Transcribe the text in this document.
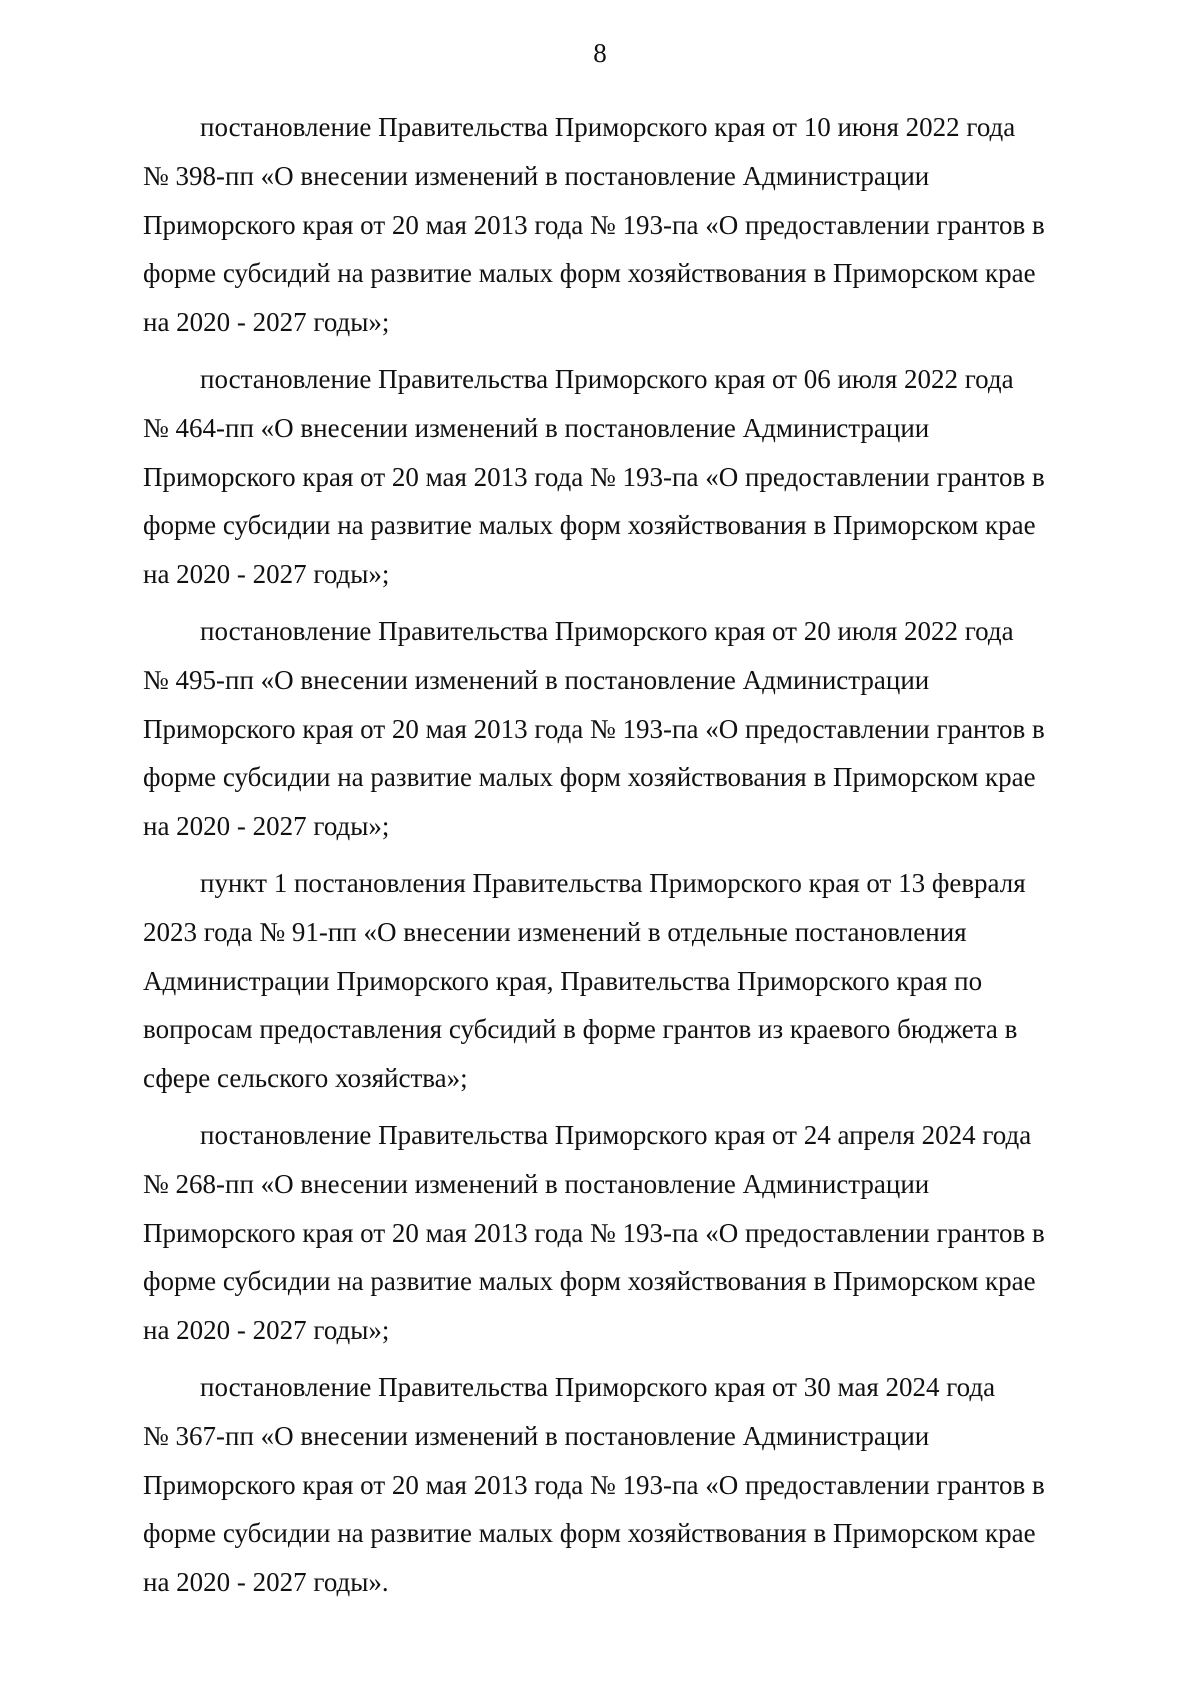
8

постановление Правительства Приморского края от 10 июня 2022 года
№ 398-пп «О внесении изменений в постановление Администрации
Приморского края от 20 мая 2013 года № 193-па «О предоставлении грантов в
форме субсидий на развитие малых форм хозяйствования в Приморском крае
на 2020 - 2027 годы»;

постановление Правительства Приморского края от 06 июля 2022 года
№ 464-пп «О внесении изменений в постановление Администрации
Приморского края от 20 мая 2013 года № 193-па «О предоставлении грантов в
форме субсидии на развитие малых форм хозяйствования в Приморском крае
на 2020 - 2027 годы»;

постановление Правительства Приморского края от 20 июля 2022 года
№ 495-пп «О внесении изменений в постановление Администрации
Приморского края от 20 мая 2013 года № 193-па «О предоставлении грантов в
форме субсидии на развитие малых форм хозяйствования в Приморском крае
на 2020 - 2027 годы»;

пункт 1 постановления Правительства Приморского края от 13 февраля
2023 года № 91-пп «О внесении изменений в отдельные постановления
Администрации Приморского края, Правительства Приморского края по
вопросам предоставления субсидий в форме грантов из краевого бюджета в
сфере сельского хозяйства»;

постановление Правительства Приморского края от 24 апреля 2024 года
№ 268-пп «О внесении изменений в постановление Администрации
Приморского края от 20 мая 2013 года № 193-па «О предоставлении грантов в
форме субсидии на развитие малых форм хозяйствования в Приморском крае
на 2020 - 2027 годы»;

постановление Правительства Приморского края от 30 мая 2024 года
№ 367-пп «О внесении изменений в постановление Администрации
Приморского края от 20 мая 2013 года № 193-па «О предоставлении грантов в
форме субсидии на развитие малых форм хозяйствования в Приморском крае
на 2020 - 2027 годы».
